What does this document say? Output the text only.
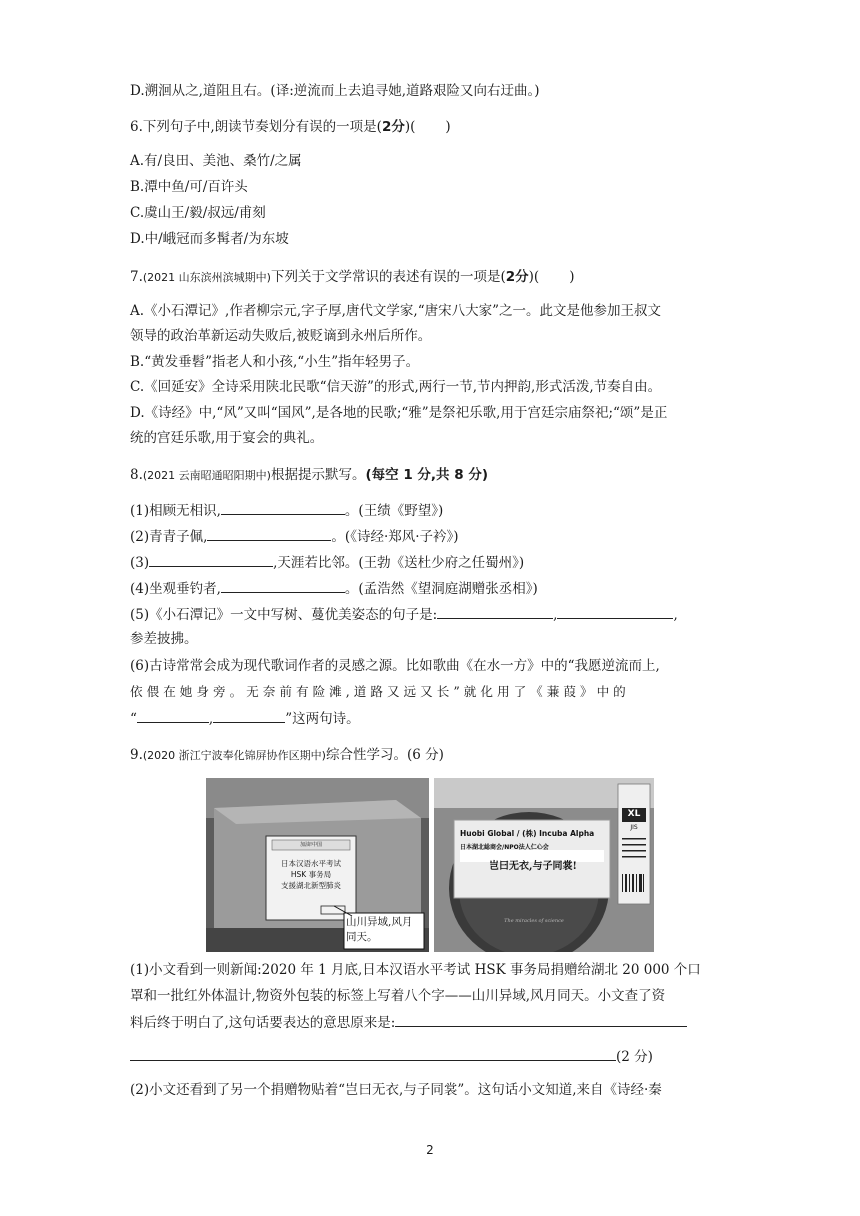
D.溯洄从之,道阻且右。(译:逆流而上去追寻她,道路艰险又向右迂曲。)
6.下列句子中,朗读节奏划分有误的一项是(2分)( )
A.有/良田、美池、桑竹/之属
B.潭中鱼/可/百许头
C.虞山王/毅/叔远/甫刻
D.中/峨冠而多髯者/为东坡
7.(2021 山东滨州滨城期中)下列关于文学常识的表述有误的一项是(2分)( )
A.《小石潭记》,作者柳宗元,字子厚,唐代文学家,“唐宋八大家”之一。此文是他参加王叔文
领导的政治革新运动失败后,被贬谪到永州后所作。
B.“黄发垂髫”指老人和小孩,“小生”指年轻男子。
C.《回延安》全诗采用陕北民歌“信天游”的形式,两行一节,节内押韵,形式活泼,节奏自由。
D.《诗经》中,“风”又叫“国风”,是各地的民歌;“雅”是祭祀乐歌,用于宫廷宗庙祭祀;“颂”是正
统的宫廷乐歌,用于宴会的典礼。
8.(2021 云南昭通昭阳期中)根据提示默写。(每空 1 分,共 8 分)
(1)相顾无相识,	。(王绩《野望》)
(2)青青子佩,	。(《诗经·郑风·子衿》)
(3)	,天涯若比邻。(王勃《送杜少府之任蜀州》)
(4)坐观垂钓者,	。(孟浩然《望洞庭湖赠张丞相》)
(5)《小石潭记》一文中写树、蔓优美姿态的句子是:	,	,
参差披拂。
(6)古诗常常会成为现代歌词作者的灵感之源。比如歌曲《在水一方》中的“我愿逆流而上,
依 偎 在 她 身 旁 。 无 奈 前 有 险 滩 , 道 路 又 远 又 长 ” 就 化 用 了 《 蒹 葭 》 中 的
“	,	”这两句诗。
9.(2020 浙江宁波奉化锦屏协作区期中)综合性学习。(6 分)
加油!中国
日本汉语水平考试
HSK 事务局
支援湖北新型肺炎
山川异域,风月同天。
Huobi Global / (株) Incuba Alpha
日本湖北総商会/NPO法人仁心会
岂曰无衣,与子同裳!
XL
JIS
The miracles of science
(1)小文看到一则新闻:2020 年 1 月底,日本汉语水平考试 HSK 事务局捐赠给湖北 20 000 个口
罩和一批红外体温计,物资外包装的标签上写着八个字——山川异域,风月同天。小文查了资
料后终于明白了,这句话要表达的意思原来是:
(2 分)
(2)小文还看到了另一个捐赠物贴着“岂曰无衣,与子同裳”。这句话小文知道,来自《诗经·秦
2
